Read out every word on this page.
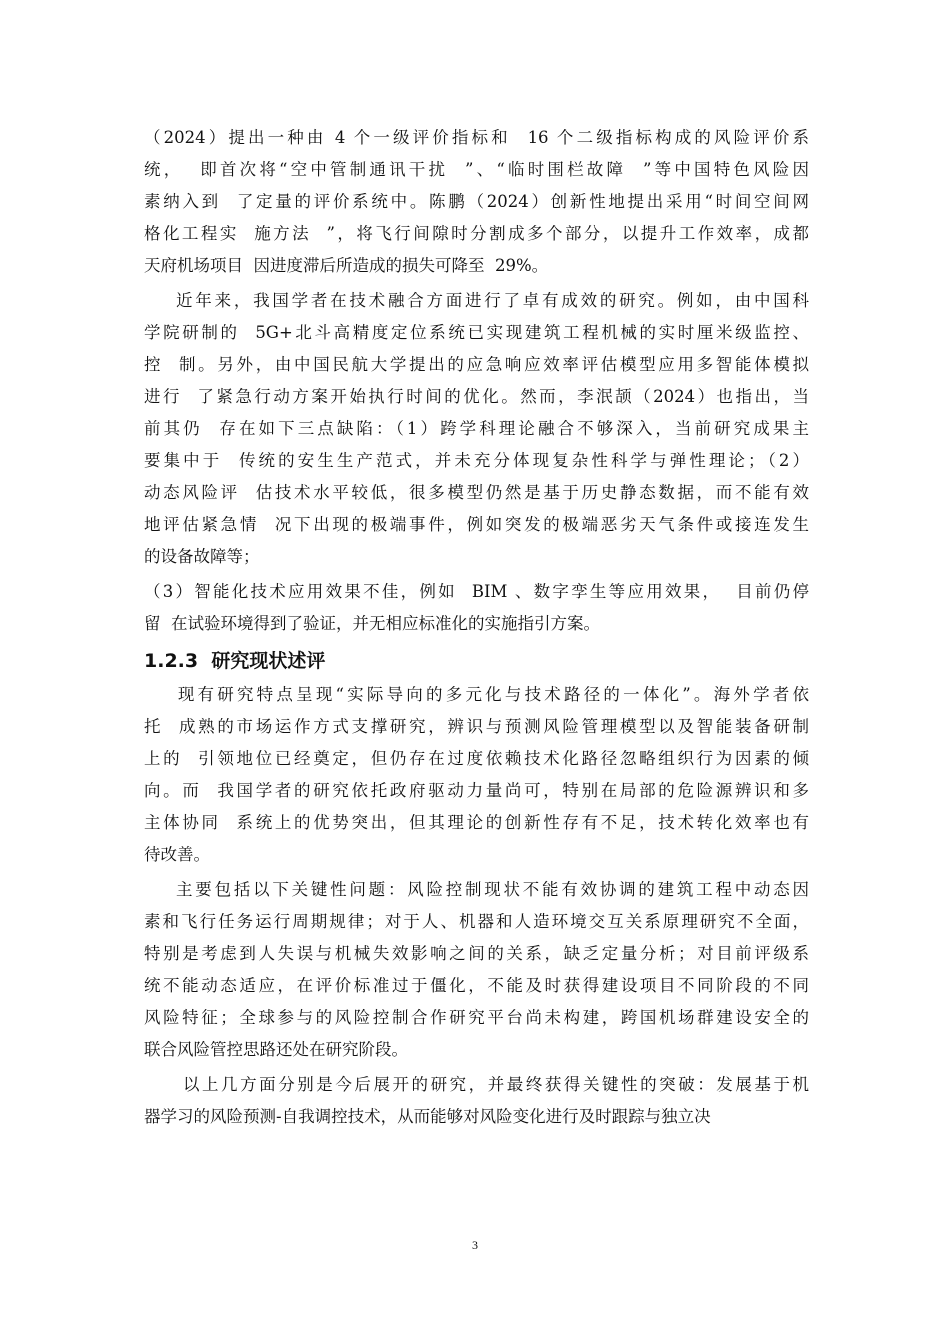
（2024）提出一种由 4 个一级评价指标和  16 个二级指标构成的风险评价系
统，  即首次将“空中管制通讯干扰  ”、“临时围栏故障  ”等中国特色风险因
素纳入到  了定量的评价系统中。陈鹏（2024）创新性地提出采用“时间空间网
格化工程实  施方法  ”，将飞行间隙时分割成多个部分，以提升工作效率，成都
天府机场项目  因进度滞后所造成的损失可降至  29%。
近年来，我国学者在技术融合方面进行了卓有成效的研究。例如，由中国科
学院研制的  5G+北斗高精度定位系统已实现建筑工程机械的实时厘米级监控、
控  制。另外，由中国民航大学提出的应急响应效率评估模型应用多智能体模拟
进行  了紧急行动方案开始执行时间的优化。然而，李泯颉（2024）也指出，当
前其仍  存在如下三点缺陷：（1）跨学科理论融合不够深入，当前研究成果主
要集中于  传统的安生生产范式，并未充分体现复杂性科学与弹性理论；（2）
动态风险评  估技术水平较低，很多模型仍然是基于历史静态数据，而不能有效
地评估紧急情  况下出现的极端事件，例如突发的极端恶劣天气条件或接连发生
的设备故障等；
（3）智能化技术应用效果不佳，例如  BIM 、数字孪生等应用效果，  目前仍停
留  在试验环境得到了验证，并无相应标准化的实施指引方案。
1.2.3  研究现状述评
现有研究特点呈现“实际导向的多元化与技术路径的一体化”。海外学者依
托  成熟的市场运作方式支撑研究，辨识与预测风险管理模型以及智能装备研制
上的  引领地位已经奠定，但仍存在过度依赖技术化路径忽略组织行为因素的倾
向。而  我国学者的研究依托政府驱动力量尚可，特别在局部的危险源辨识和多
主体协同  系统上的优势突出，但其理论的创新性存有不足，技术转化效率也有
待改善。
主要包括以下关键性问题：风险控制现状不能有效协调的建筑工程中动态因
素和飞行任务运行周期规律；对于人、机器和人造环境交互关系原理研究不全面，
特别是考虑到人失误与机械失效影响之间的关系，缺乏定量分析；对目前评级系
统不能动态适应，在评价标准过于僵化，不能及时获得建设项目不同阶段的不同
风险特征；全球参与的风险控制合作研究平台尚未构建，跨国机场群建设安全的
联合风险管控思路还处在研究阶段。
以上几方面分别是今后展开的研究，并最终获得关键性的突破：发展基于机
器学习的风险预测-自我调控技术，从而能够对风险变化进行及时跟踪与独立决
3
